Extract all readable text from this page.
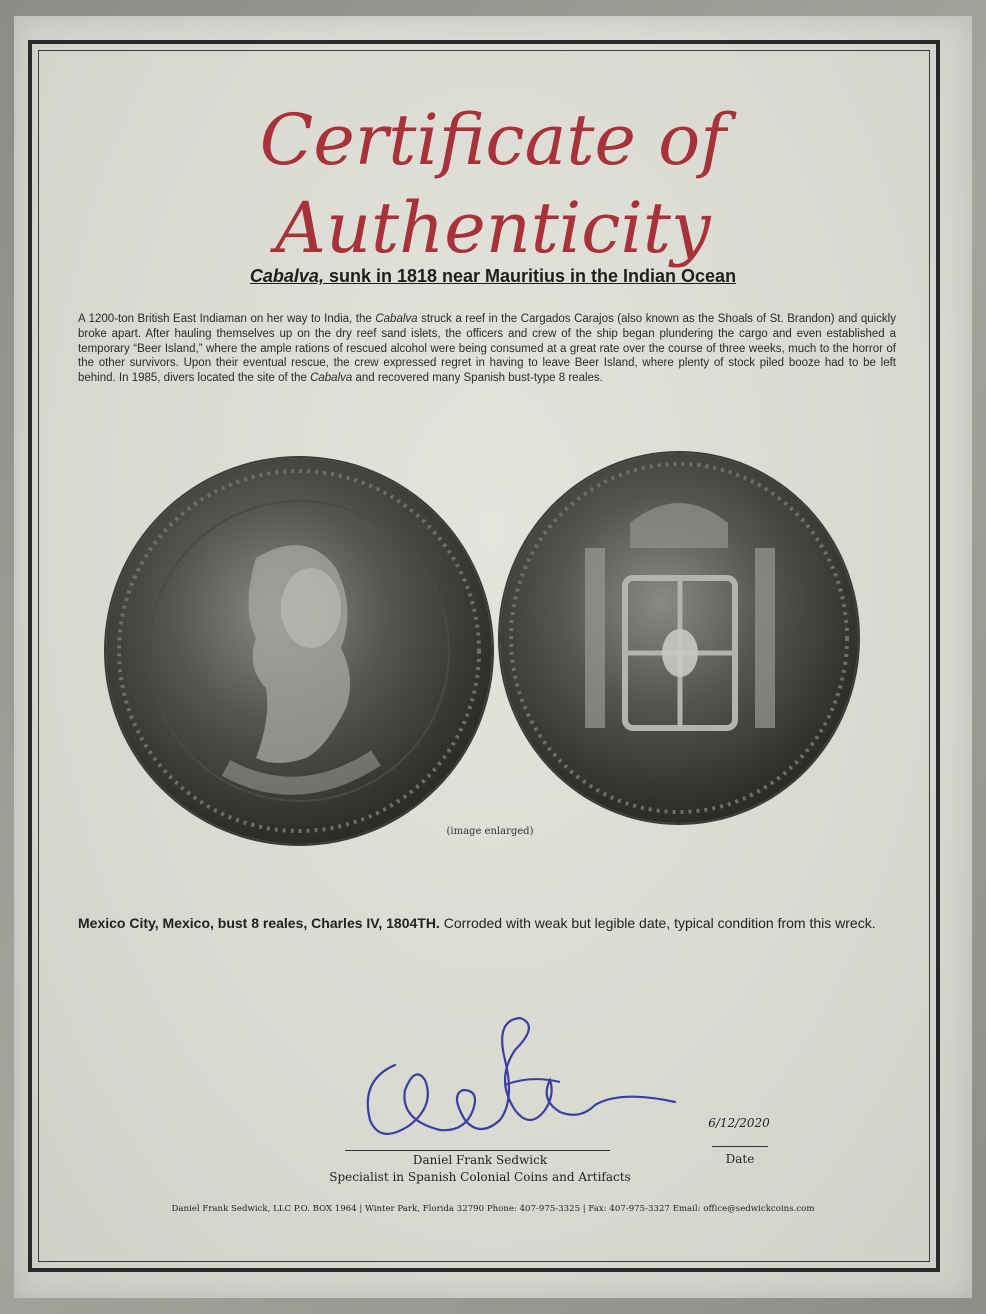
Certificate of
Authenticity
Cabalva, sunk in 1818 near Mauritius in the Indian Ocean
A 1200-ton British East Indiaman on her way to India, the Cabalva struck a reef in the Cargados Carajos (also known as the Shoals of St. Brandon) and quickly broke apart. After hauling themselves up on the dry reef sand islets, the officers and crew of the ship began plundering the cargo and even established a temporary “Beer Island,” where the ample rations of rescued alcohol were being consumed at a great rate over the course of three weeks, much to the horror of the other survivors. Upon their eventual rescue, the crew expressed regret in having to leave Beer Island, where plenty of stock piled booze had to be left behind. In 1985, divers located the site of the Cabalva and recovered many Spanish bust-type 8 reales.
(image enlarged)
Mexico City, Mexico, bust 8 reales, Charles IV, 1804TH. Corroded with weak but legible date, typical condition from this wreck.
6/12/2020
Daniel Frank Sedwick
Specialist in Spanish Colonial Coins and Artifacts
Date
Daniel Frank Sedwick, LLC P.O. BOX 1964 | Winter Park, Florida 32790 Phone: 407-975-3325 | Fax: 407-975-3327 Email: office@sedwickcoins.com
